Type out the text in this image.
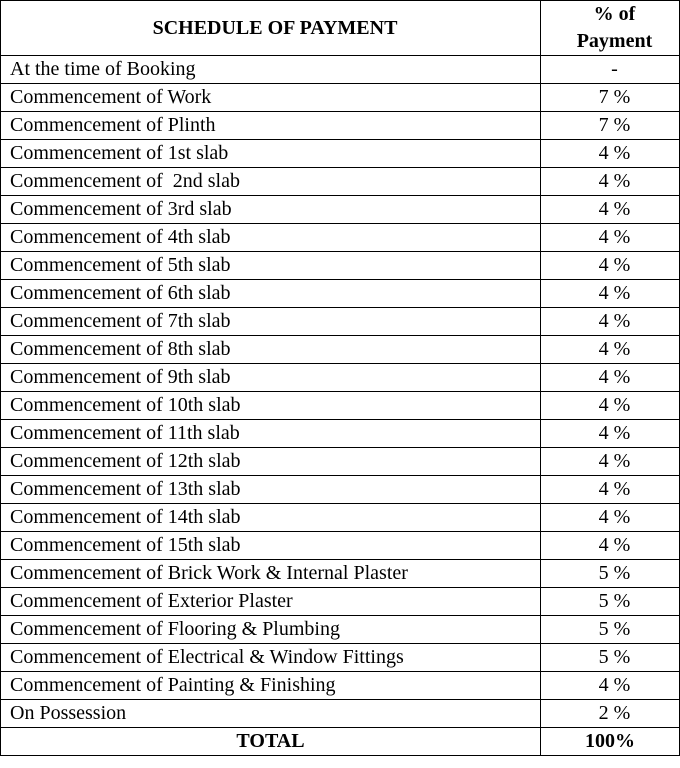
SCHEDULE OF PAYMENT	% of
Payment
At the time of Booking	-
Commencement of Work	7 %
Commencement of Plinth	7 %
Commencement of 1st slab	4 %
Commencement of  2nd slab	4 %
Commencement of 3rd slab	4 %
Commencement of 4th slab	4 %
Commencement of 5th slab	4 %
Commencement of 6th slab	4 %
Commencement of 7th slab	4 %
Commencement of 8th slab	4 %
Commencement of 9th slab	4 %
Commencement of 10th slab	4 %
Commencement of 11th slab	4 %
Commencement of 12th slab	4 %
Commencement of 13th slab	4 %
Commencement of 14th slab	4 %
Commencement of 15th slab	4 %
Commencement of Brick Work & Internal Plaster	5 %
Commencement of Exterior Plaster	5 %
Commencement of Flooring & Plumbing	5 %
Commencement of Electrical & Window Fittings	5 %
Commencement of Painting & Finishing	4 %
On Possession	2 %
TOTAL	100%
